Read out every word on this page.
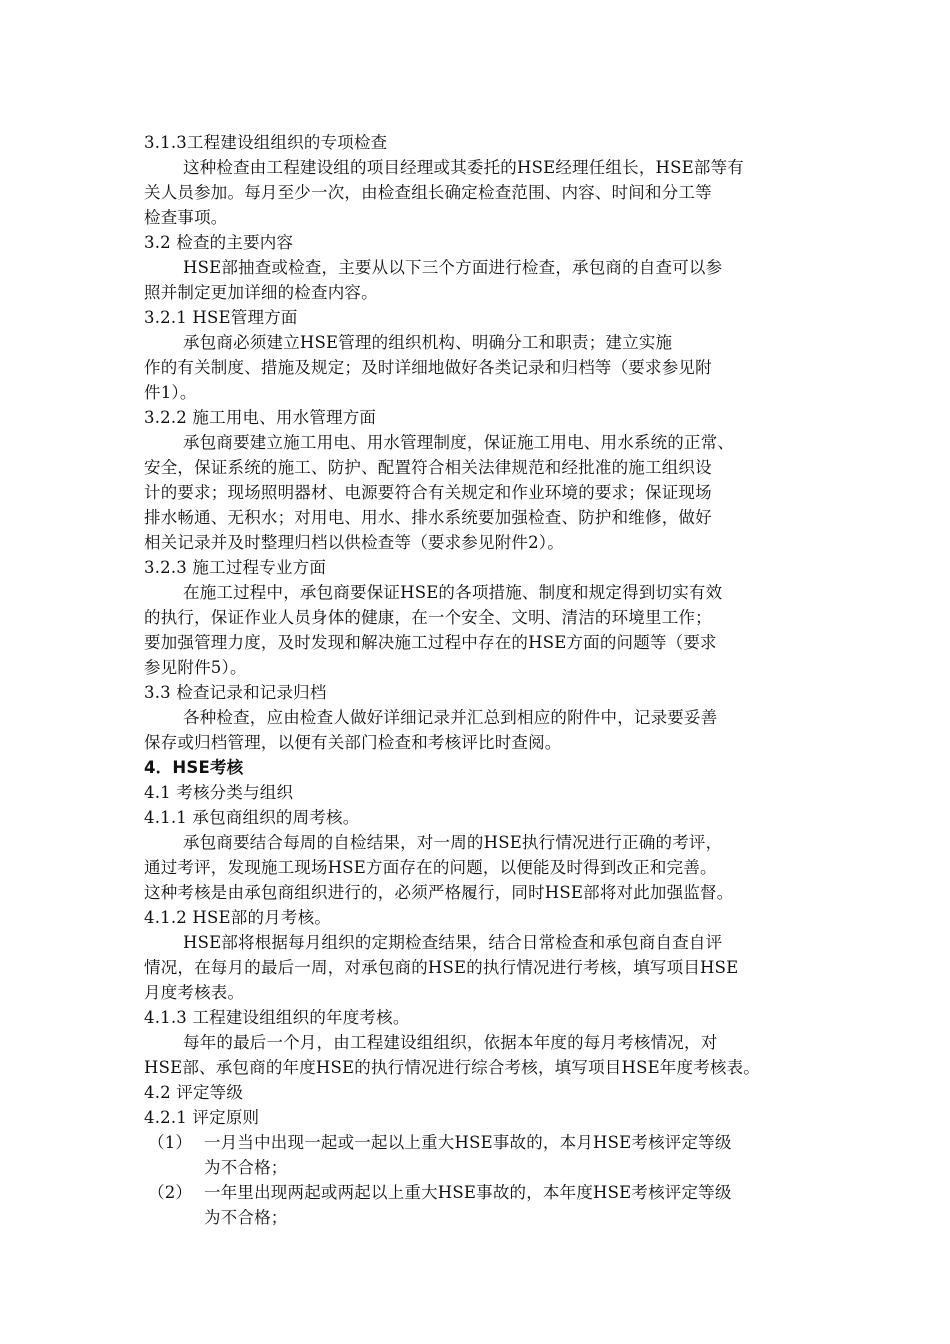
3.1.3工程建设组组织的专项检查
这种检查由工程建设组的项目经理或其委托的HSE经理任组长，HSE部等有
关人员参加。每月至少一次，由检查组长确定检查范围、内容、时间和分工等
检查事项。
3.2 检查的主要内容
HSE部抽查或检查，主要从以下三个方面进行检查，承包商的自查可以参
照并制定更加详细的检查内容。
3.2.1 HSE管理方面
承包商必须建立HSE管理的组织机构、明确分工和职责；建立实施
作的有关制度、措施及规定；及时详细地做好各类记录和归档等（要求参见附
件1）。
3.2.2 施工用电、用水管理方面
承包商要建立施工用电、用水管理制度，保证施工用电、用水系统的正常、
安全，保证系统的施工、防护、配置符合相关法律规范和经批准的施工组织设
计的要求；现场照明器材、电源要符合有关规定和作业环境的要求；保证现场
排水畅通、无积水；对用电、用水、排水系统要加强检查、防护和维修，做好
相关记录并及时整理归档以供检查等（要求参见附件2）。
3.2.3 施工过程专业方面
在施工过程中，承包商要保证HSE的各项措施、制度和规定得到切实有效
的执行，保证作业人员身体的健康，在一个安全、文明、清洁的环境里工作；
要加强管理力度，及时发现和解决施工过程中存在的HSE方面的问题等（要求
参见附件5）。
3.3 检查记录和记录归档
各种检查，应由检查人做好详细记录并汇总到相应的附件中，记录要妥善
保存或归档管理，以便有关部门检查和考核评比时查阅。
4．HSE考核
4.1 考核分类与组织
4.1.1 承包商组织的周考核。
承包商要结合每周的自检结果，对一周的HSE执行情况进行正确的考评，
通过考评，发现施工现场HSE方面存在的问题，以便能及时得到改正和完善。
这种考核是由承包商组织进行的，必须严格履行，同时HSE部将对此加强监督。
4.1.2 HSE部的月考核。
HSE部将根据每月组织的定期检查结果，结合日常检查和承包商自查自评
情况，在每月的最后一周，对承包商的HSE的执行情况进行考核，填写项目HSE
月度考核表。
4.1.3 工程建设组组织的年度考核。
每年的最后一个月，由工程建设组组织，依据本年度的每月考核情况，对
HSE部、承包商的年度HSE的执行情况进行综合考核，填写项目HSE年度考核表。
4.2 评定等级
4.2.1 评定原则
（1） 一月当中出现一起或一起以上重大HSE事故的，本月HSE考核评定等级
为不合格；
（2） 一年里出现两起或两起以上重大HSE事故的，本年度HSE考核评定等级
为不合格；
